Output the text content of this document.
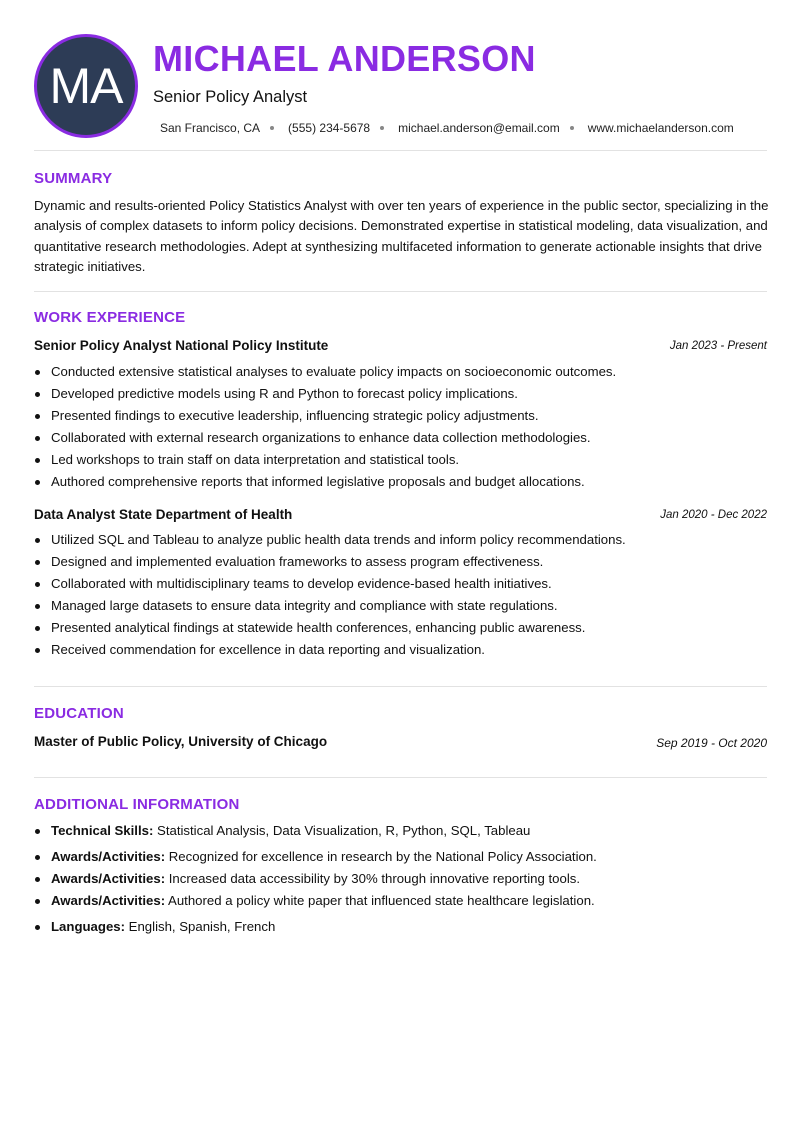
MA MICHAEL ANDERSON
Senior Policy Analyst
San Francisco, CA (555) 234-5678 michael.anderson@email.com www.michaelanderson.com
SUMMARY
Dynamic and results-oriented Policy Statistics Analyst with over ten years of experience in the public sector, specializing in the analysis of complex datasets to inform policy decisions. Demonstrated expertise in statistical modeling, data visualization, and quantitative research methodologies. Adept at synthesizing multifaceted information to generate actionable insights that drive strategic initiatives.
WORK EXPERIENCE
Senior Policy Analyst National Policy Institute	Jan 2023 - Present
Conducted extensive statistical analyses to evaluate policy impacts on socioeconomic outcomes.
Developed predictive models using R and Python to forecast policy implications.
Presented findings to executive leadership, influencing strategic policy adjustments.
Collaborated with external research organizations to enhance data collection methodologies.
Led workshops to train staff on data interpretation and statistical tools.
Authored comprehensive reports that informed legislative proposals and budget allocations.
Data Analyst State Department of Health	Jan 2020 - Dec 2022
Utilized SQL and Tableau to analyze public health data trends and inform policy recommendations.
Designed and implemented evaluation frameworks to assess program effectiveness.
Collaborated with multidisciplinary teams to develop evidence-based health initiatives.
Managed large datasets to ensure data integrity and compliance with state regulations.
Presented analytical findings at statewide health conferences, enhancing public awareness.
Received commendation for excellence in data reporting and visualization.
EDUCATION
Master of Public Policy, University of Chicago	Sep 2019 - Oct 2020
ADDITIONAL INFORMATION
Technical Skills: Statistical Analysis, Data Visualization, R, Python, SQL, Tableau
Awards/Activities: Recognized for excellence in research by the National Policy Association.
Awards/Activities: Increased data accessibility by 30% through innovative reporting tools.
Awards/Activities: Authored a policy white paper that influenced state healthcare legislation.
Languages: English, Spanish, French
